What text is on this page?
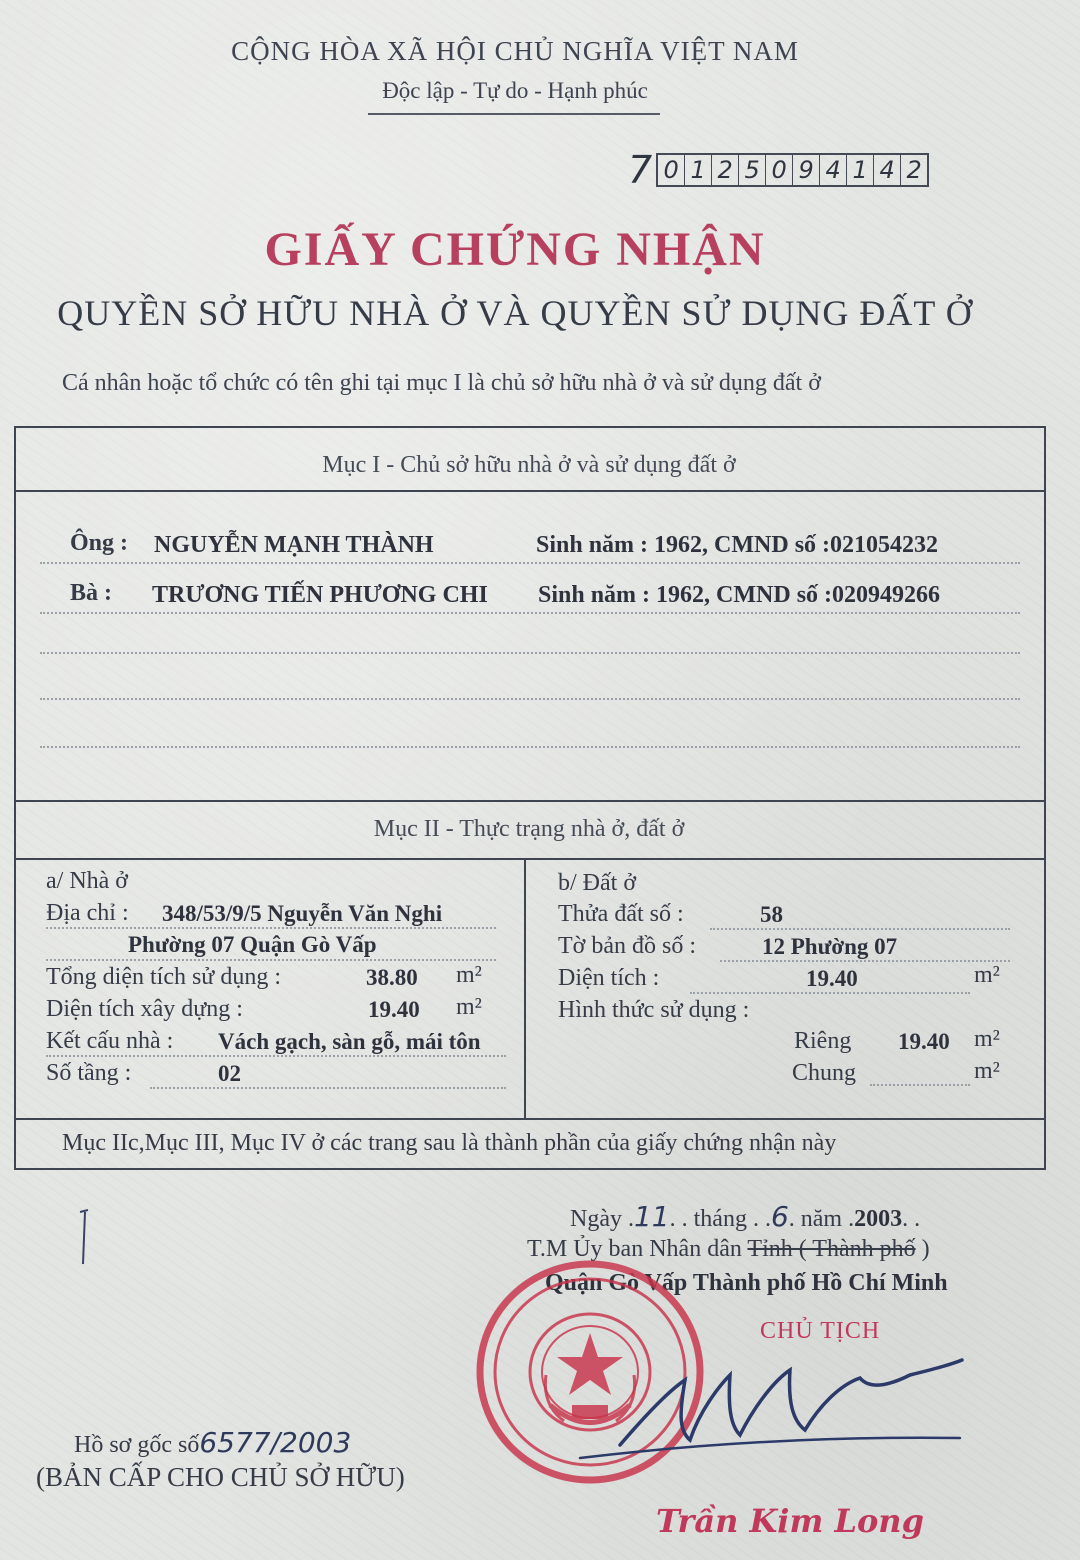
CỘNG HÒA XÃ HỘI CHỦ NGHĨA VIỆT NAM
Độc lập - Tự do - Hạnh phúc
7 0 1 2 5 0 9 4 1 4 2
GIẤY CHỨNG NHẬN
QUYỀN SỞ HỮU NHÀ Ở VÀ QUYỀN SỬ DỤNG ĐẤT Ở
Cá nhân hoặc tổ chức có tên ghi tại mục I là chủ sở hữu nhà ở và sử dụng đất ở
Mục I - Chủ sở hữu nhà ở và sử dụng đất ở
Ông : NGUYỄN MẠNH THÀNH	Sinh năm : 1962, CMND số :021054232
Bà : TRƯƠNG TIẾN PHƯƠNG CHI Sinh năm : 1962, CMND số :020949266
Mục II - Thực trạng nhà ở, đất ở
a/ Nhà ở
Địa chỉ : 348/53/9/5 Nguyễn Văn Nghi
Phường 07 Quận Gò Vấp
Tổng diện tích sử dụng :	38.80 m²
Diện tích xây dựng :	19.40 m²
Kết cấu nhà : Vách gạch, sàn gỗ, mái tôn
Số tầng :	02
b/ Đất ở
Thửa đất số :	58
Tờ bản đồ số :	12 Phường 07
Diện tích :	19.40	m²
Hình thức sử dụng :
Riêng 19.40 m²
Chung	m²
Mục IIc,Mục III, Mục IV ở các trang sau là thành phần của giấy chứng nhận này
Ngày .11. . tháng . .6. năm .2003. .
T.M Ủy ban Nhân dân Tỉnh ( Thành phố )
Quận Gò Vấp Thành phố Hồ Chí Minh
CHỦ TỊCH
Hồ sơ gốc số6577/2003
(BẢN CẤP CHO CHỦ SỞ HỮU)
Trần Kim Long
